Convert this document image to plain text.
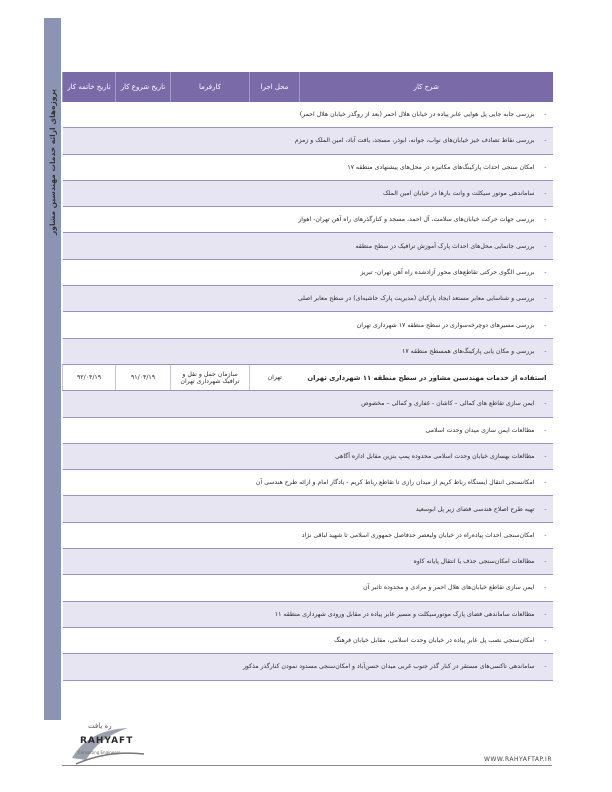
پروژه‌های ارائه خدمات مهندسین مشاور
شرح کار	محل اجرا	کارفرما	تاریخ شروع کار	تاریخ خاتمه کار
-بررسی جابه جایی پل هوایی عابر پیاده در خیابان هلال احمر (بعد از روگذر خیابان هلال احمر)				
-بررسی نقاط تصادف خیز خیابان‌های نواب، جوانه، ابوذر، مسجد، بافت آباد، امین الملک و زمزم				
-امکان سنجی احداث پارکینگ‌های مکانیزه در محل‌های پیشنهادی منطقه ۱۷				
-ساماندهی موتور سیکلت و وانت بارها در خیابان امین الملک				
-بررسی جهات حرکت خیابان‌های سلامت، آل احمد، مسجد و کنارگذرهای راه آهن تهران- اهواز				
-بررسی جانمایی محل‌های احداث پارک آموزش ترافیک در سطح منطقه				
-بررسی الگوی حرکتی تقاطع‌های محور آزادشده راه آهن تهران- تبریز				
-بررسی و شناسایی معابر مستعد ایجاد پارکبان (مدیریت پارک حاشیه‌ای) در سطح معابر اصلی				
-بررسی مسیرهای دوچرخه‌سواری در سطح منطقه ۱۷ شهرداری تهران				
-بررسی و مکان یابی پارکینگ‌های همسطح منطقه ۱۷				
استفاده از خدمات مهندسین مشاور در سطح منطقه ۱۱ شهرداری تهران	تهران	سازمان حمل و نقل و ترافیک شهرداری تهران	۹۱/۰۴/۱۹	۹۲/۰۴/۱۹
-ایمن سازی تقاطع های کمالی – کاشان - غفاری و کمالی – مخصوص				
-مطالعات ایمن سازی میدان وحدت اسلامی				
-مطالعات بهسازی خیابان وحدت اسلامی محدوده پمپ بنزین مقابل اداره آگاهی				
-امکانسنجی انتقال ایستگاه رباط کریم از میدان رازی تا تقاطع رباط کریم - یادگار امام و ارائه طرح هندسی آن				
-تهیه طرح اصلاح هندسی فضای زیر پل ابوسعید				
-امکان‌سنجی احداث پیاده‌راه در خیابان ولیعصر حدفاصل جمهوری اسلامی تا شهید لباقی نژاد				
-مطالعات امکان‌سنجی حذف یا انتقال پایانه کاوه				
-ایمن سازی تقاطع خیابان‌های هلال احمر و مرادی و محدوده تاثیر آن				
-مطالعات ساماندهی فضای پارک موتورسیکلت و مسیر عابر پیاده در مقابل ورودی شهرداری منطقه ۱۱				
-امکان‌سنجی نصب پل عابر پیاده در خیابان وحدت اسلامی، مقابل خیابان فرهنگ				
-ساماندهی تاکسی‌های مستقر در کنار گذر جنوب غربی میدان حسن‌آباد و امکان‌سنجی مسدود نمودن کنارگذر مذکور				
ره یافت
RAHYAFT
Consulting Engineers
WWW.RAHYAFTAP.IR
